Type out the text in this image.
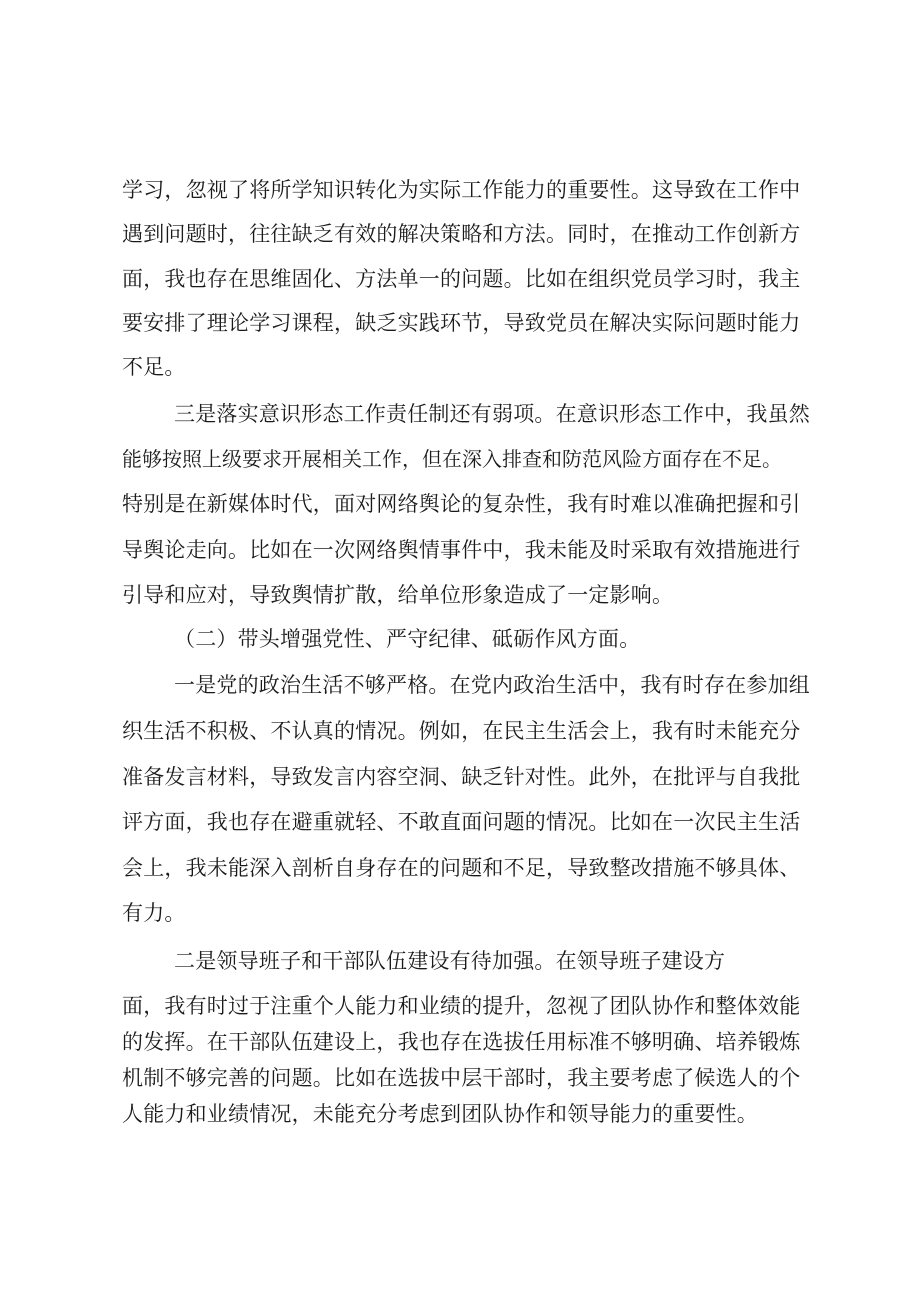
学习，忽视了将所学知识转化为实际工作能力的重要性。这导致在工作中
遇到问题时，往往缺乏有效的解决策略和方法。同时，在推动工作创新方
面，我也存在思维固化、方法单一的问题。比如在组织党员学习时，我主
要安排了理论学习课程，缺乏实践环节，导致党员在解决实际问题时能力
不足。
三是落实意识形态工作责任制还有弱项。在意识形态工作中，我虽然
能够按照上级要求开展相关工作，但在深入排查和防范风险方面存在不足。
特别是在新媒体时代，面对网络舆论的复杂性，我有时难以准确把握和引
导舆论走向。比如在一次网络舆情事件中，我未能及时采取有效措施进行
引导和应对，导致舆情扩散，给单位形象造成了一定影响。
（二）带头增强党性、严守纪律、砥砺作风方面。
一是党的政治生活不够严格。在党内政治生活中，我有时存在参加组
织生活不积极、不认真的情况。例如，在民主生活会上，我有时未能充分
准备发言材料，导致发言内容空洞、缺乏针对性。此外，在批评与自我批
评方面，我也存在避重就轻、不敢直面问题的情况。比如在一次民主生活
会上，我未能深入剖析自身存在的问题和不足，导致整改措施不够具体、
有力。
二是领导班子和干部队伍建设有待加强。在领导班子建设方
面，我有时过于注重个人能力和业绩的提升，忽视了团队协作和整体效能
的发挥。在干部队伍建设上，我也存在选拔任用标准不够明确、培养锻炼
机制不够完善的问题。比如在选拔中层干部时，我主要考虑了候选人的个
人能力和业绩情况，未能充分考虑到团队协作和领导能力的重要性。
